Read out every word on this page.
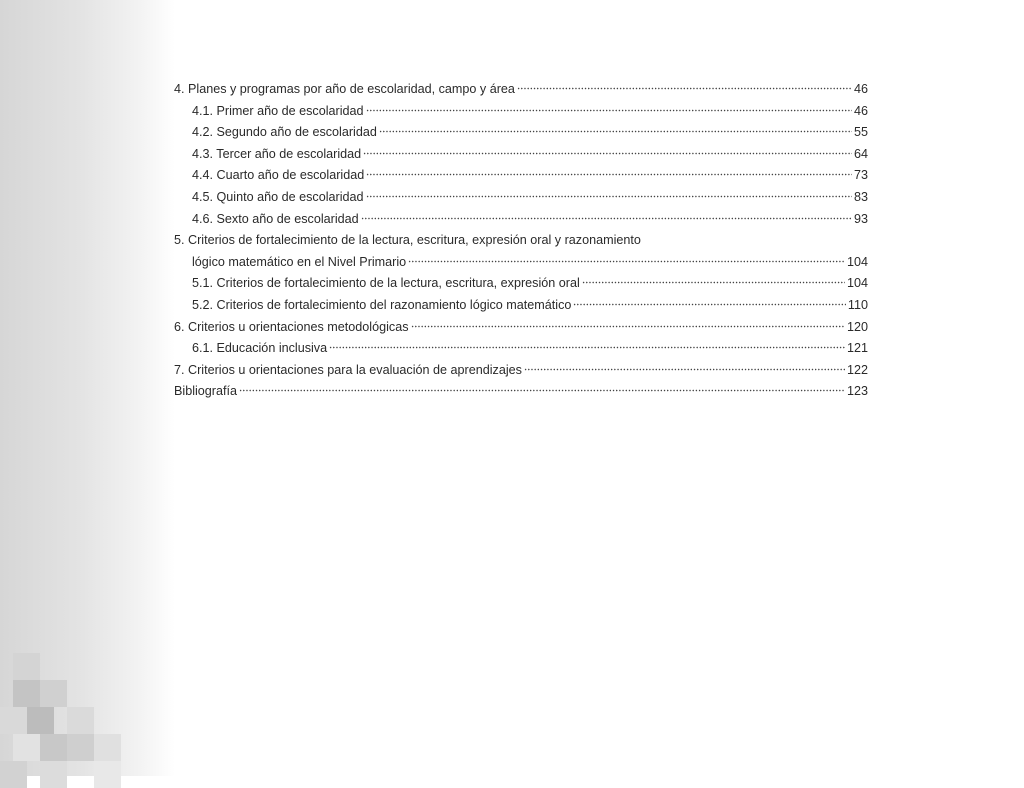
4. Planes y programas por año de escolaridad, campo y área	46
4.1. Primer año de escolaridad	46
4.2. Segundo año de escolaridad	55
4.3. Tercer año de escolaridad	64
4.4. Cuarto año de escolaridad	73
4.5. Quinto año de escolaridad	83
4.6. Sexto año de escolaridad	93
5. Criterios de fortalecimiento de la lectura, escritura, expresión oral y razonamiento
lógico matemático en el Nivel Primario	104
5.1. Criterios de fortalecimiento de la lectura, escritura, expresión oral	104
5.2. Criterios de fortalecimiento del razonamiento lógico matemático	110
6. Criterios u orientaciones metodológicas	120
6.1. Educación inclusiva	121
7. Criterios u orientaciones para la evaluación de aprendizajes	122
Bibliografía	123
